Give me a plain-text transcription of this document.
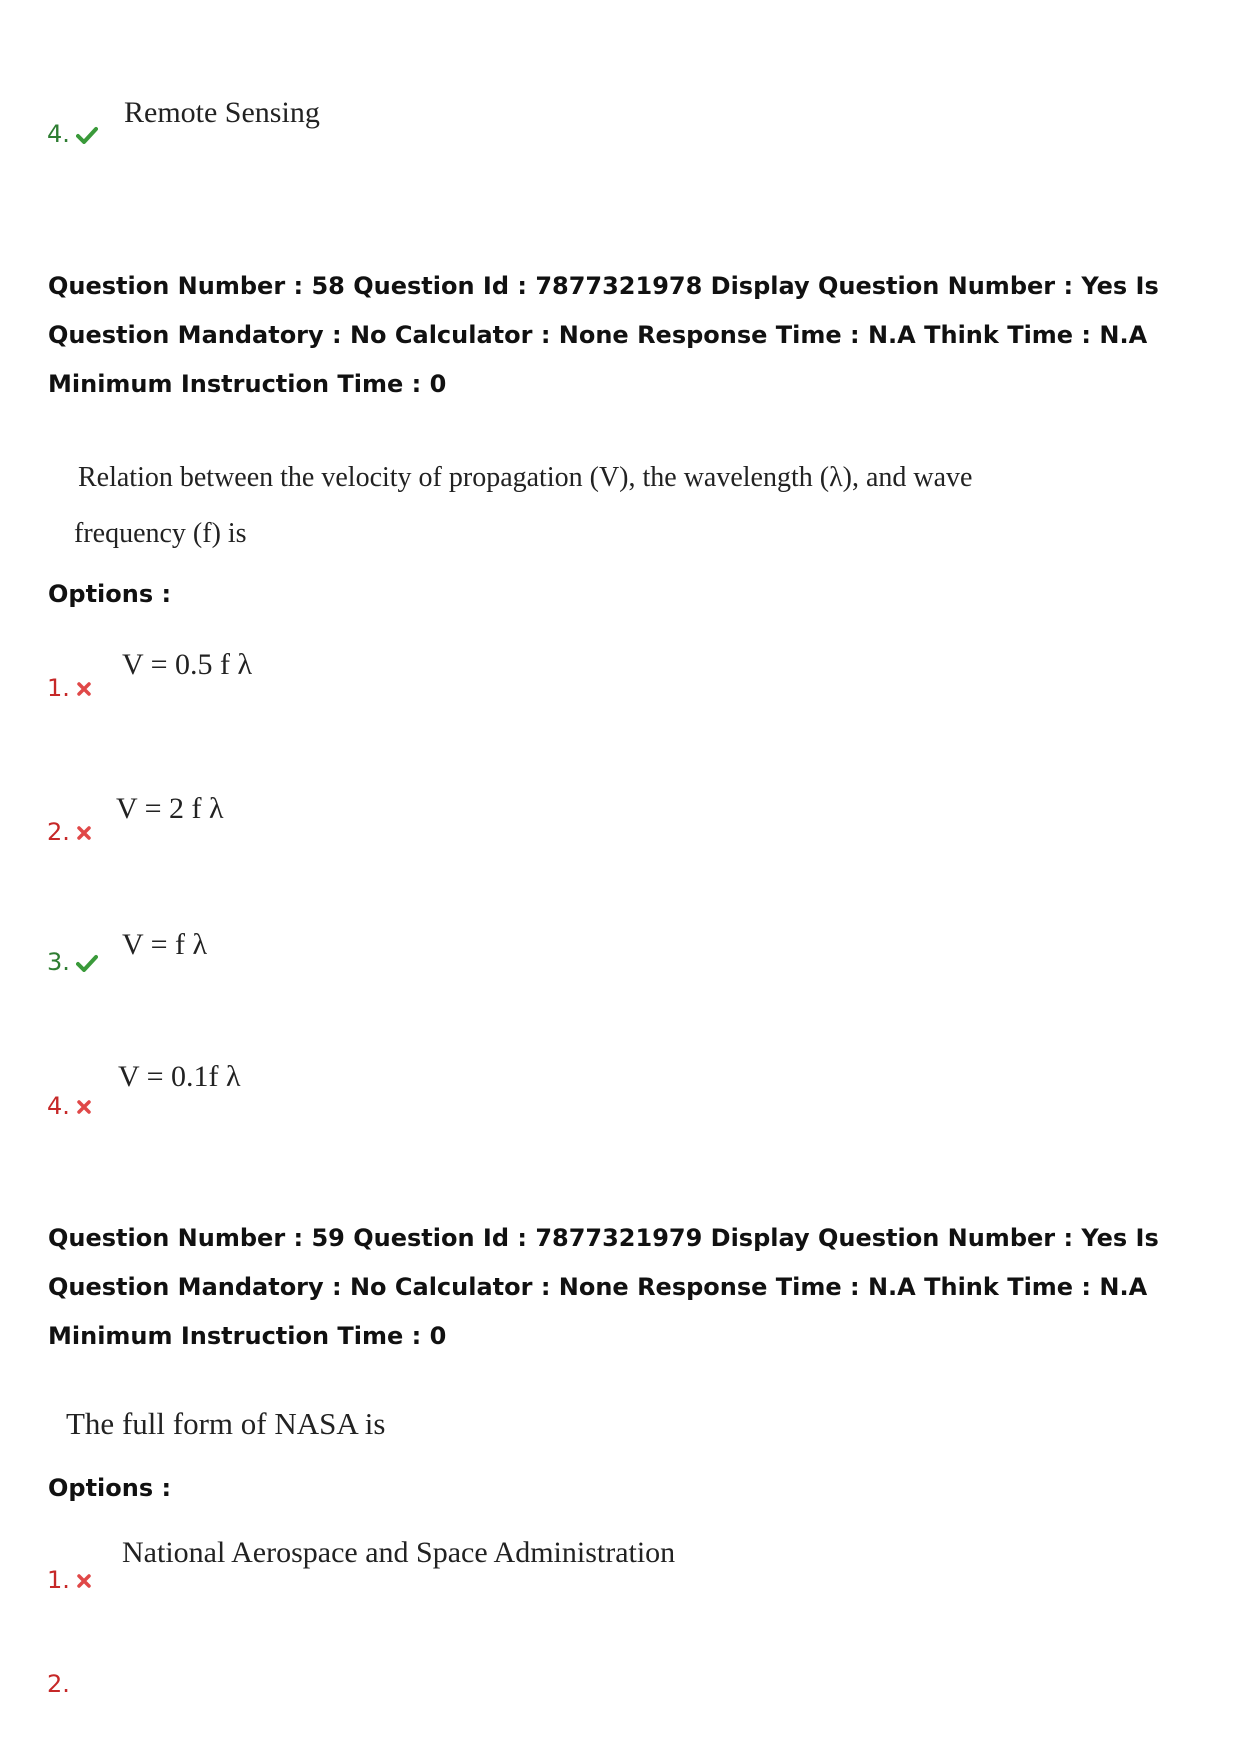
4.
Remote Sensing

Question Number : 58 Question Id : 7877321978 Display Question Number : Yes Is Question Mandatory : No Calculator : None Response Time : N.A Think Time : N.A Minimum Instruction Time : 0

Relation between the velocity of propagation (V), the wavelength (λ), and wave
frequency (f) is

Options :

1.
V = 0.5 f λ
2.
V = 2 f λ
3.
V = f λ
4.
V = 0.1f λ

Question Number : 59 Question Id : 7877321979 Display Question Number : Yes Is Question Mandatory : No Calculator : None Response Time : N.A Think Time : N.A Minimum Instruction Time : 0

The full form of NASA is

Options :

1.
National Aerospace and Space Administration
2.
